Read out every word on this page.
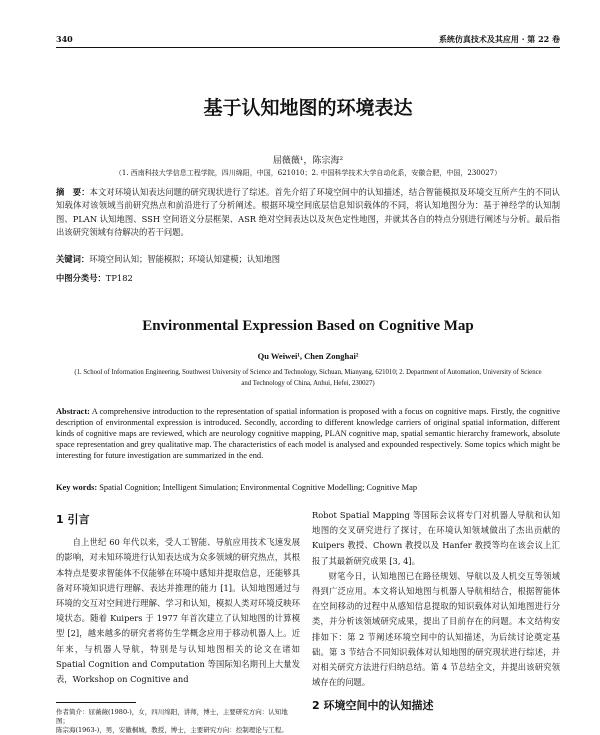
340	系统仿真技术及其应用 · 第 22 卷
基于认知地图的环境表达
屈薇薇¹，陈宗海²
（1. 西南科技大学信息工程学院，四川绵阳，中国，621010；2. 中国科学技术大学自动化系，安徽合肥，中国，230027）
摘　要：本文对环境认知表达问题的研究现状进行了综述。首先介绍了环境空间中的认知描述，结合智能模拟及环境交互所产生的不同认知载体对该领域当前研究热点和前沿进行了分析阐述。根据环境空间底层信息知识载体的不同，将认知地图分为：基于神经学的认知制图、PLAN 认知地图、SSH 空间语义分层框架、ASR 绝对空间表达以及灰色定性地图，并就其各自的特点分别进行阐述与分析。最后指出该研究领域有待解决的若干问题。
关键词：环境空间认知；智能模拟；环境认知建模；认知地图
中图分类号：TP182
Environmental Expression Based on Cognitive Map
Qu Weiwei¹, Chen Zonghai²
(1. School of Information Engineering, Southwest University of Science and Technology, Sichuan, Mianyang, 621010; 2. Department of Automation, University of Science and Technology of China, Anhui, Hefei, 230027)
Abstract: A comprehensive introduction to the representation of spatial information is proposed with a focus on cognitive maps. Firstly, the cognitive description of environmental expression is introduced. Secondly, according to different knowledge carriers of original spatial information, different kinds of cognitive maps are reviewed, which are neurology cognitive mapping, PLAN cognitive map, spatial semantic hierarchy framework, absolute space representation and grey qualitative map. The characteristics of each model is analysed and expounded respectively. Some topics which might be interesting for future investigation are summarized in the end.
Key words: Spatial Cognition; Intelligent Simulation; Environmental Cognitive Modelling; Cognitive Map
1 引言

自上世纪 60 年代以来，受人工智能、导航应用技术飞速发展的影响，对未知环境进行认知表达成为众多领域的研究热点，其根本特点是要求智能体不仅能够在环境中感知并提取信息，还能够具备对环境知识进行理解、表达并推理的能力 [1]。认知地图通过与环境的交互对空间进行理解、学习和认知，模拟人类对环境反映环境状态。随着 Kuipers 于 1977 年首次建立了认知地图的计算模型 [2]，越来越多的研究者将仿生学概念应用于移动机器人上。近年来，与机器人导航，特别是与认知地图相关的论文在诸如 Spatial Cognition and Computation 等国际知名期刊上大量发表，Workshop on Cognitive and

Robot Spatial Mapping 等国际会议将专门对机器人导航和认知地图的交叉研究进行了探讨，在环境认知领域做出了杰出贡献的 Kuipers 教授、Chown 教授以及 Hanfer 教授等均在该会议上汇报了其最新研究成果 [3, 4]。

财笔今日，认知地图已在路径规划、导航以及人机交互等领域得到广泛应用。本文将认知地图与机器人导航相结合，根据智能体在空间移动的过程中从感知信息提取的知识载体对认知地图进行分类，并分析该领域研究成果，提出了目前存在的问题。本文结构安排如下：第 2 节阐述环境空间中的认知描述，为后续讨论奠定基础。第 3 节结合不同知识载体对认知地图的研究现状进行综述，并对相关研究方法进行归纳总结。第 4 节总结全文，并提出该研究领域存在的问题。

2 环境空间中的认知描述
作者简介：屈薇薇(1980-)，女，四川绵阳，讲师，博士，主要研究方向：认知地图；
陈宗海(1963-)，男，安徽桐城，教授，博士，主要研究方向：控制理论与工程。
